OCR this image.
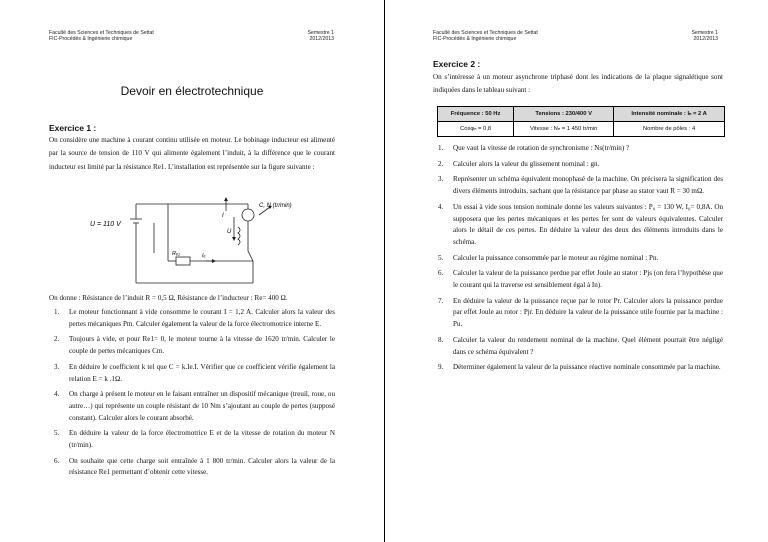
Faculté des Sciences et Techniques de Settat
FIC-Procédés & Ingénierie chimique
Semestre 1
2012/2013
Devoir en électrotechnique
Exercice 1 :
On considère une machine à courant continu utilisée en moteur. Le bobinage inducteur est alimenté par la source de tension de 110 V qui alimente également l’induit, à la différence que le courant inducteur est limité par la résistance Re1. L’installation est représentée sur la figure suivante :
U = 110 V
I
U
C, N (tr/min)
Rₑ₁	Iₑ
On donne : Résistance de l’induit R = 0,5 Ω, Résistance de l’inducteur : Re= 400 Ω.
1. Le moteur fonctionnant à vide consomme le courant I = 1,2 A. Calculer alors la valeur des pertes mécaniques Pm. Calculer également la valeur de la force électromotrice interne E.
2. Toujours à vide, et pour Re1= 0, le moteur tourne à la vitesse de 1620 tr/min. Calculer le couple de pertes mécaniques Cm.
3. En déduire le coefficient k tel que C = k.Ie.I. Vérifier que ce coefficient vérifie également la relation E = k .1Ω.
4. On charge à présent le moteur en le faisant entraîner un dispositif mécanique (treuil, roue, ou autre…) qui représente un couple résistant de 10 Nm s’ajoutant au couple de pertes (supposé constant). Calculer alors le courant absorbé.
5. En déduire la valeur de la force électromotrice E et de la vitesse de rotation du moteur N (tr/min).
6. On souhaite que cette charge soit entraînée à 1 800 tr/min. Calculer alors la valeur de la résistance Re1 permettant d’obtenir cette vitesse.
Faculté des Sciences et Techniques de Settat
FIC-Procédés & Ingénierie chimique
Semestre 1
2012/2013
Exercice 2 :
On s’intéresse à un moteur asynchrone triphasé dont les indications de la plaque signalétique sont indiquées dans le tableau suivant :
Fréquence : 50 Hz	Tensions : 230/400 V	Intensité nominale : Iₙ = 2 A
Cosφₙ = 0,8	Vitesse : Nₙ = 1 450 tr/min	Nombre de pôles : 4
1. Que vaut la vitesse de rotation de synchronisme : Ns(tr/min) ?
2. Calculer alors la valeur du glissement nominal : gn.
3. Représenter un schéma équivalent monophasé de la machine. On précisera la signification des divers éléments introduits, sachant que la résistance par phase au stator vaut R = 30 mΩ.
4. Un essai à vide sous tension nominale donne les valeurs suivantes : P₀ = 130 W, I₀= 0,8A. On supposera que les pertes mécaniques et les pertes fer sont de valeurs équivalentes. Calculer alors le détail de ces pertes. En déduire la valeur des deux des éléments introduits dans le schéma.
5. Calculer la puissance consommée par le moteur au régime nominal : Pn.
6. Calculer la valeur de la puissance perdue par effet Joule au stator : Pjs (on fera l’hypothèse que le courant qui la traverse est sensiblement égal à In).
7. En déduire la valeur de la puissance reçue par le rotor Pr. Calculer alors la puissance perdue par effet Joule au rotor : Pjr. En déduire la valeur de la puissance utile fournie par la machine : Pu.
8. Calculer la valeur du rendement nominal de la machine. Quel élément pourrait être négligé dans ce schéma équivalent ?
9. Déterminer également la valeur de la puissance réactive nominale consommée par la machine.
